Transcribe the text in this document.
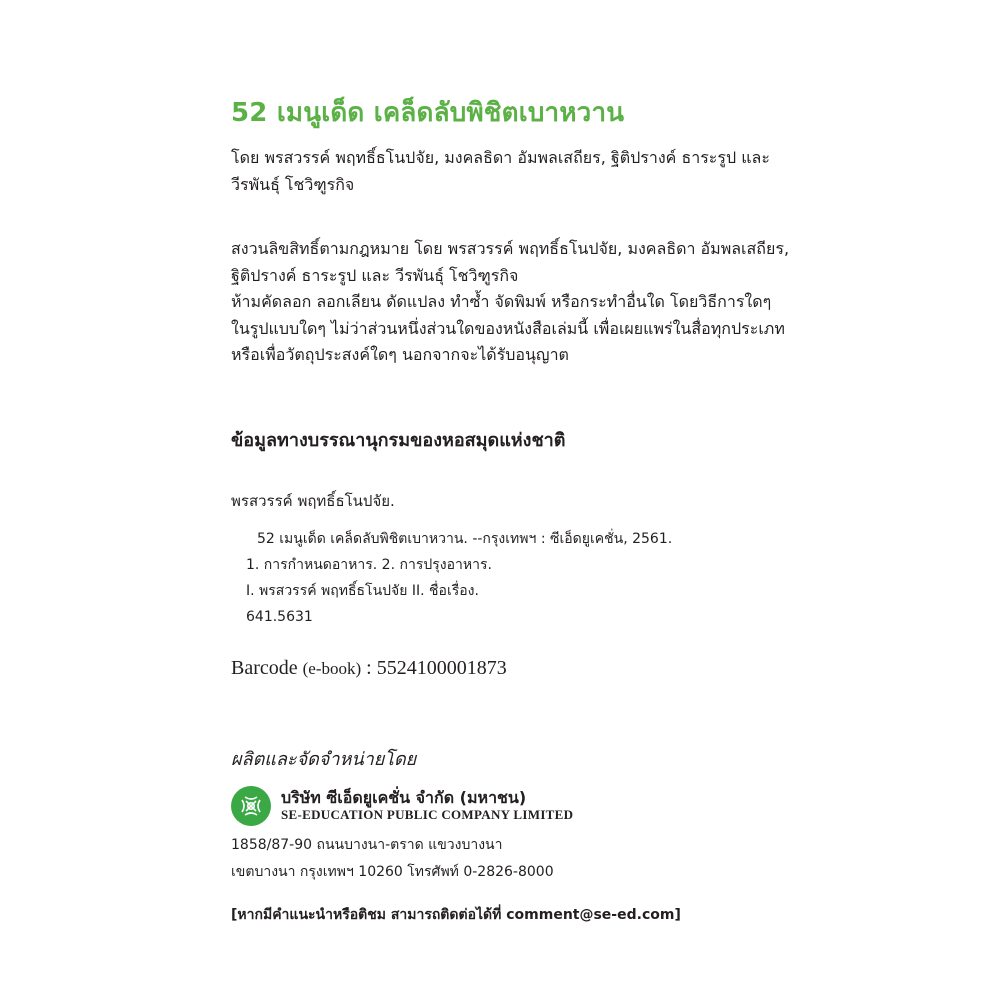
52 เมนูเด็ด เคล็ดลับพิชิตเบาหวาน
โดย พรสวรรค์ พฤทธิ์ธโนปจัย, มงคลธิดา อัมพลเสถียร, ฐิติปรางค์ ธาระรูป และ วีรพันธุ์ โชวิฑูรกิจ
สงวนลิขสิทธิ์ตามกฎหมาย โดย พรสวรรค์ พฤทธิ์ธโนปจัย, มงคลธิดา อัมพลเสถียร,
ฐิติปรางค์ ธาระรูป และ วีรพันธุ์ โชวิฑูรกิจ
ห้ามคัดลอก ลอกเลียน ดัดแปลง ทำซ้ำ จัดพิมพ์ หรือกระทำอื่นใด โดยวิธีการใดๆ
ในรูปแบบใดๆ ไม่ว่าส่วนหนึ่งส่วนใดของหนังสือเล่มนี้ เพื่อเผยแพร่ในสื่อทุกประเภท
หรือเพื่อวัตถุประสงค์ใดๆ นอกจากจะได้รับอนุญาต
ข้อมูลทางบรรณานุกรมของหอสมุดแห่งชาติ
พรสวรรค์ พฤทธิ์ธโนปจัย.
52 เมนูเด็ด เคล็ดลับพิชิตเบาหวาน. --กรุงเทพฯ : ซีเอ็ดยูเคชั่น, 2561.
1. การกำหนดอาหาร. 2. การปรุงอาหาร.
I. พรสวรรค์ พฤทธิ์ธโนปจัย II. ชื่อเรื่อง.
641.5631
Barcode (e-book) : 5524100001873
ผลิตและจัดจำหน่ายโดย
บริษัท ซีเอ็ดยูเคชั่น จำกัด (มหาชน)
SE-EDUCATION PUBLIC COMPANY LIMITED
1858/87-90 ถนนบางนา-ตราด แขวงบางนา
เขตบางนา กรุงเทพฯ 10260 โทรศัพท์ 0-2826-8000
[หากมีคำแนะนำหรือติชม สามารถติดต่อได้ที่ comment@se-ed.com]
